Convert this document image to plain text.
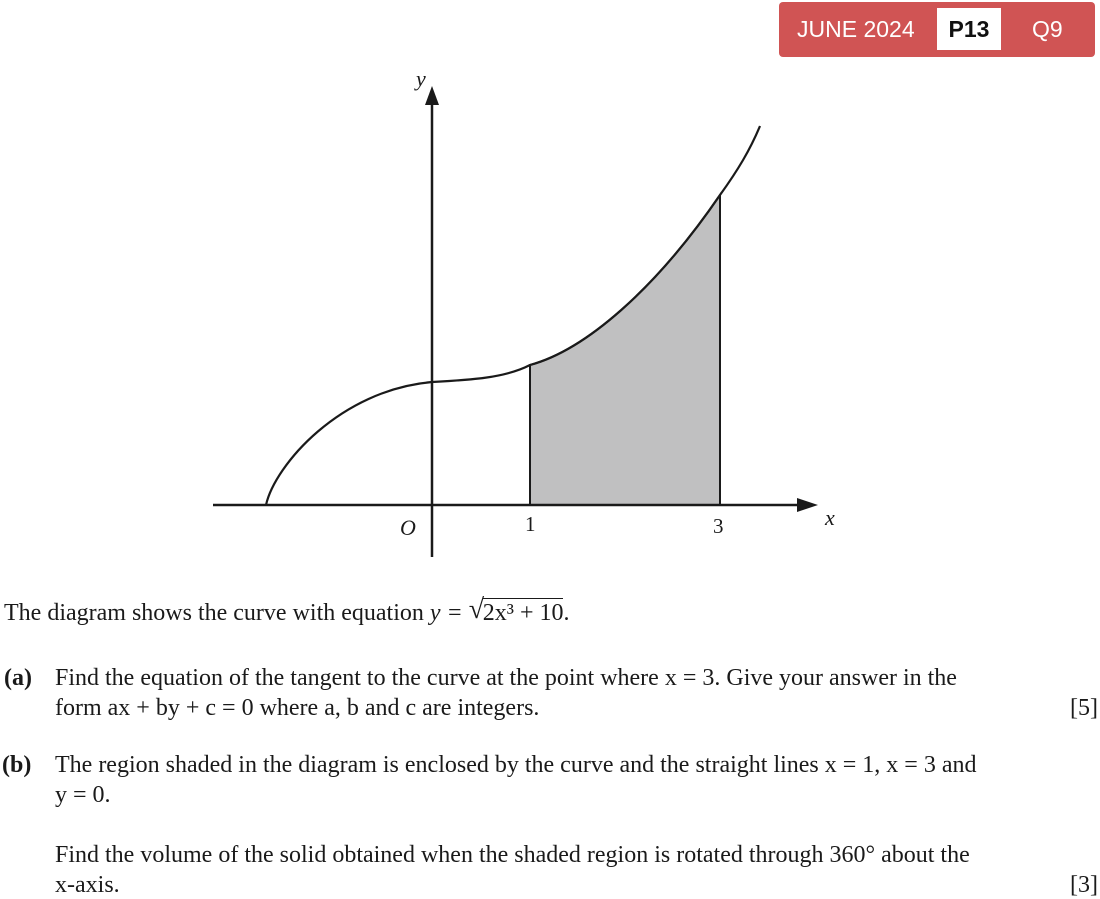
JUNE 2024	P13	Q9
y
x
O	1	3
The diagram shows the curve with equation y = √
2x³ + 10.
(a) Find the equation of the tangent to the curve at the point where x = 3. Give your answer in the
form ax + by + c = 0 where a, b and c are integers.	[5]
(b) The region shaded in the diagram is enclosed by the curve and the straight lines x = 1, x = 3 and
y = 0.
Find the volume of the solid obtained when the shaded region is rotated through 360° about the
x-axis.	[3]
